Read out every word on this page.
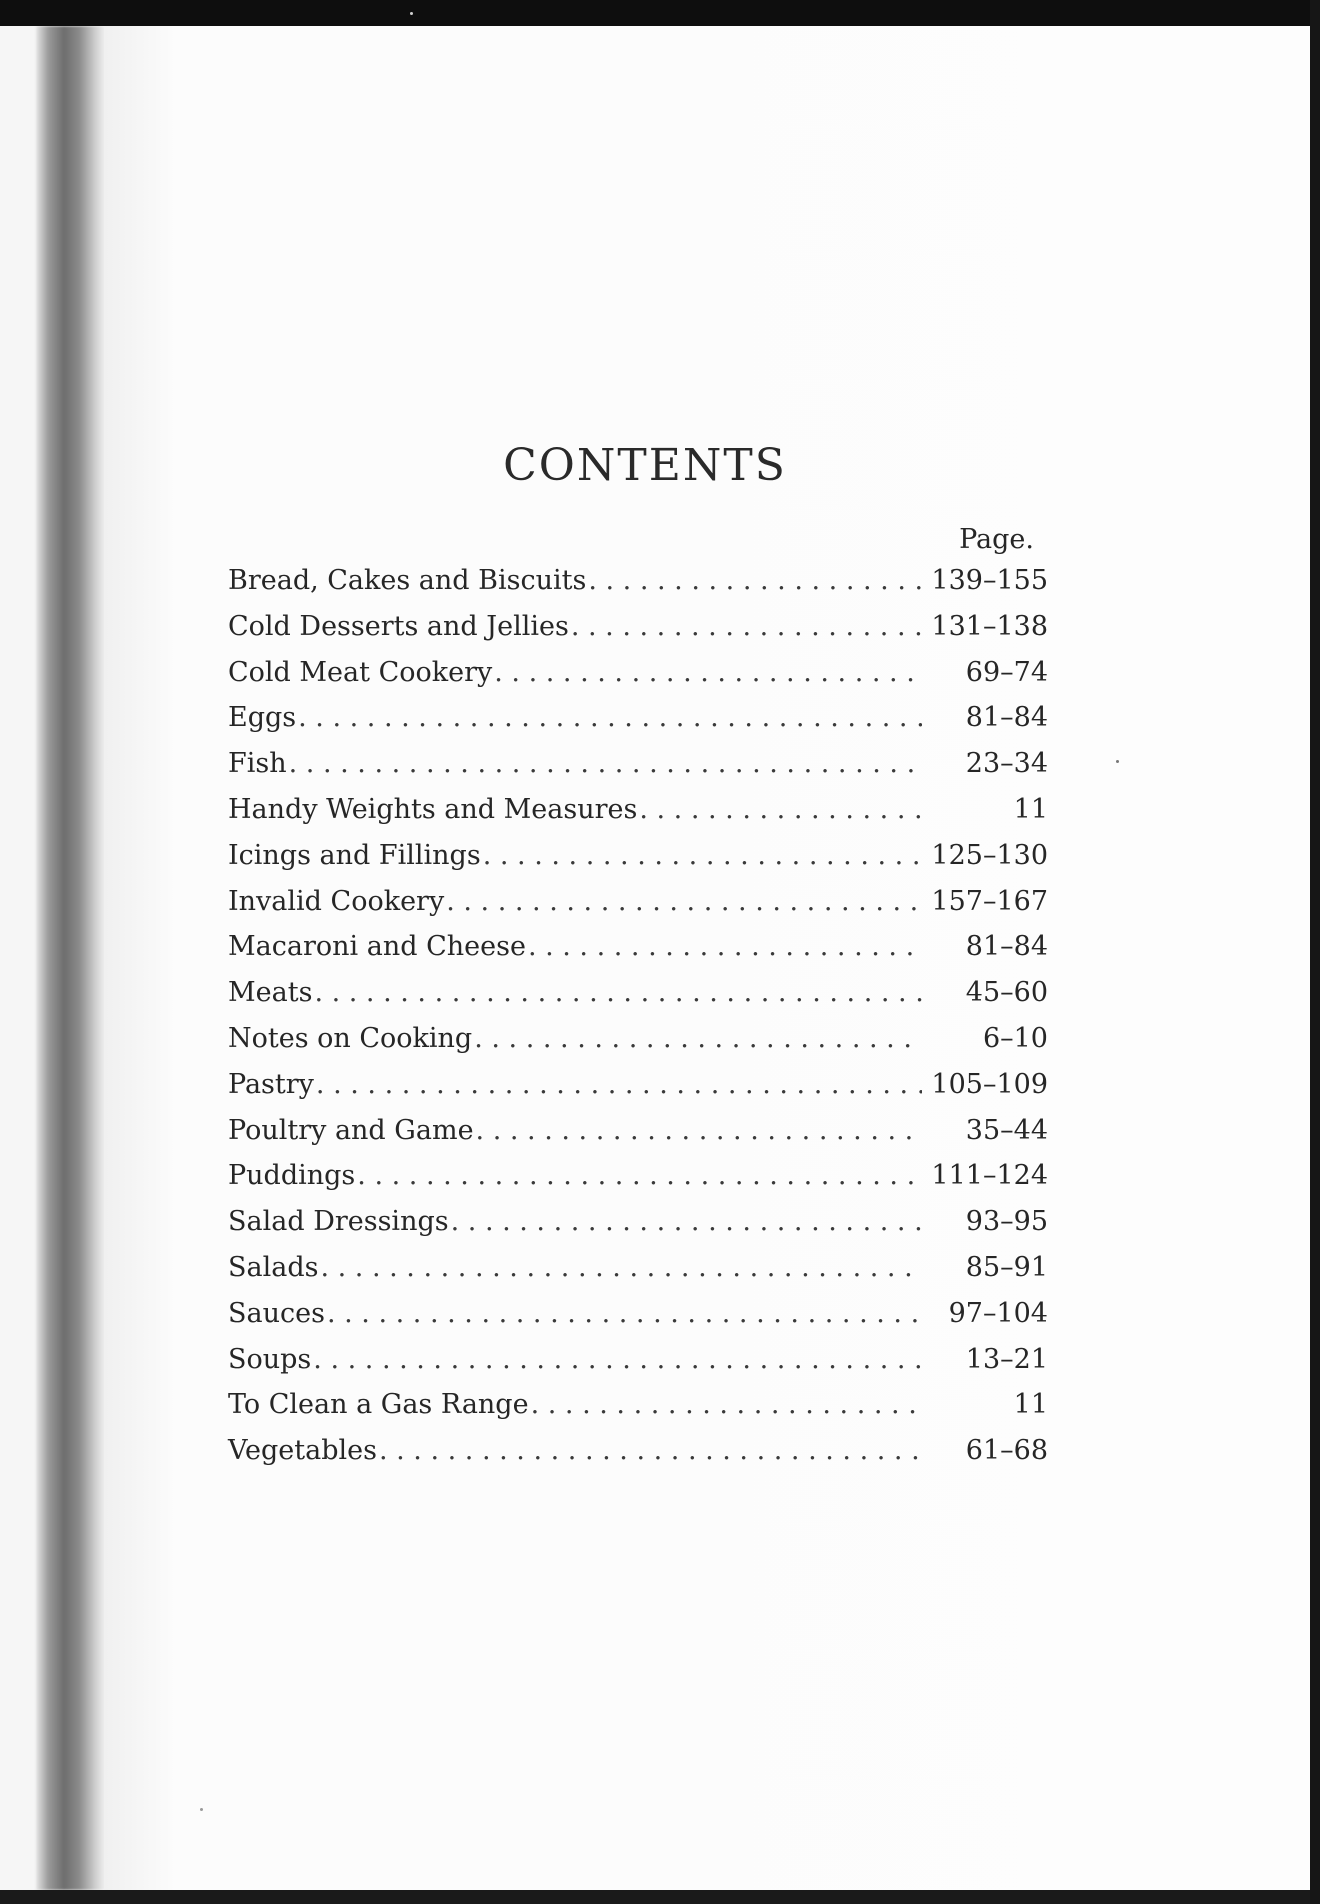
CONTENTS
Page.
Bread, Cakes and Biscuits . . .	139–155
Cold Desserts and Jellies . . .	131–138
Cold Meat Cookery . . .	69–74
Eggs . . .	81–84
Fish . . .	23–34
Handy Weights and Measures . . .	11
Icings and Fillings . . .	125–130
Invalid Cookery . . .	157–167
Macaroni and Cheese . . .	81–84
Meats . . .	45–60
Notes on Cooking . . .	6–10
Pastry . . .	105–109
Poultry and Game . . .	35–44
Puddings . . .	111–124
Salad Dressings . . .	93–95
Salads . . .	85–91
Sauces . . .	97–104
Soups . . .	13–21
To Clean a Gas Range . . .	11
Vegetables . . .	61–68
